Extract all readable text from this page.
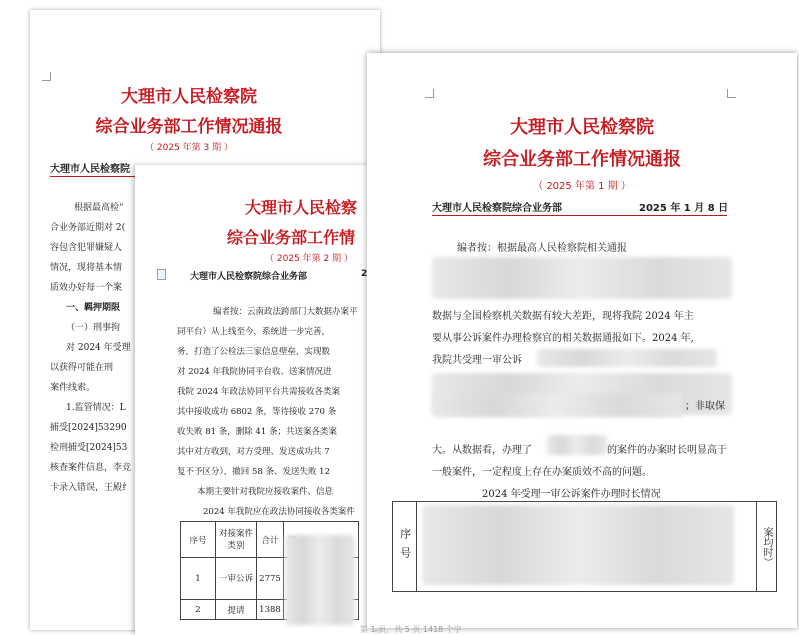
大理市人民检察院
综合业务部工作情况通报
（ 2025 年第 3 期 ）
大理市人民检察院
根据最高检“
合业务部近期对 2(
容包含犯罪嫌疑人
情况，现将基本情
质效办好每一个案
一、羁押期限
（一）刑事拘
对 2024 年受理
以获得可能在刑
案件线索。
1.监管情况：L
捕受[2024]53290
检刑捕受[2024]53
核查案件信息，李竞
卡录入错误，王殿纟
大理市人民检察
综合业务部工作情
（ 2025 年第 2 期 ）
大理市人民检察院综合业务部	2
编者按：云南政法跨部门大数据办案平
同平台）从上线至今，系统进一步完善，
务，打造了公检法三家信息壁垒，实现数
对 2024 年我院协同平台收、送案情况进
我院 2024 年政法协同平台共需接收各类案
其中接收成功 6802 条，等待接收 270 条
收失败 81 条，删除 41 条；共送案各类案
其中对方收到，对方受理、发送成功共 7
复不予区分），撤回 58 条、发送失败 12
本期主要针对我院应接收案件、信息
2024 年我院应在政法协同接收各类案件
序号	对接案件类别	合计	
1	一审公诉	2775	
2	提请	1388	
大理市人民检察院
综合业务部工作情况通报
（ 2025 年第 1 期 ）
大理市人民检察院综合业务部	2025 年 1 月 8 日
编者按：根据最高人民检察院相关通报
数据与全国检察机关数据有较大差距，现将我院 2024 年主
要从事公诉案件办理检察官的相关数据通报如下。2024 年,
我院共受理一审公诉
；非取保
大。从数据看，办理了	的案件的办案时长明显高于
一般案件，一定程度上存在办案质效不高的问题。
2024 年受理一审公诉案件办理时长情况
序号		案均时）
第 1 页，共 5 页 1418 个字
